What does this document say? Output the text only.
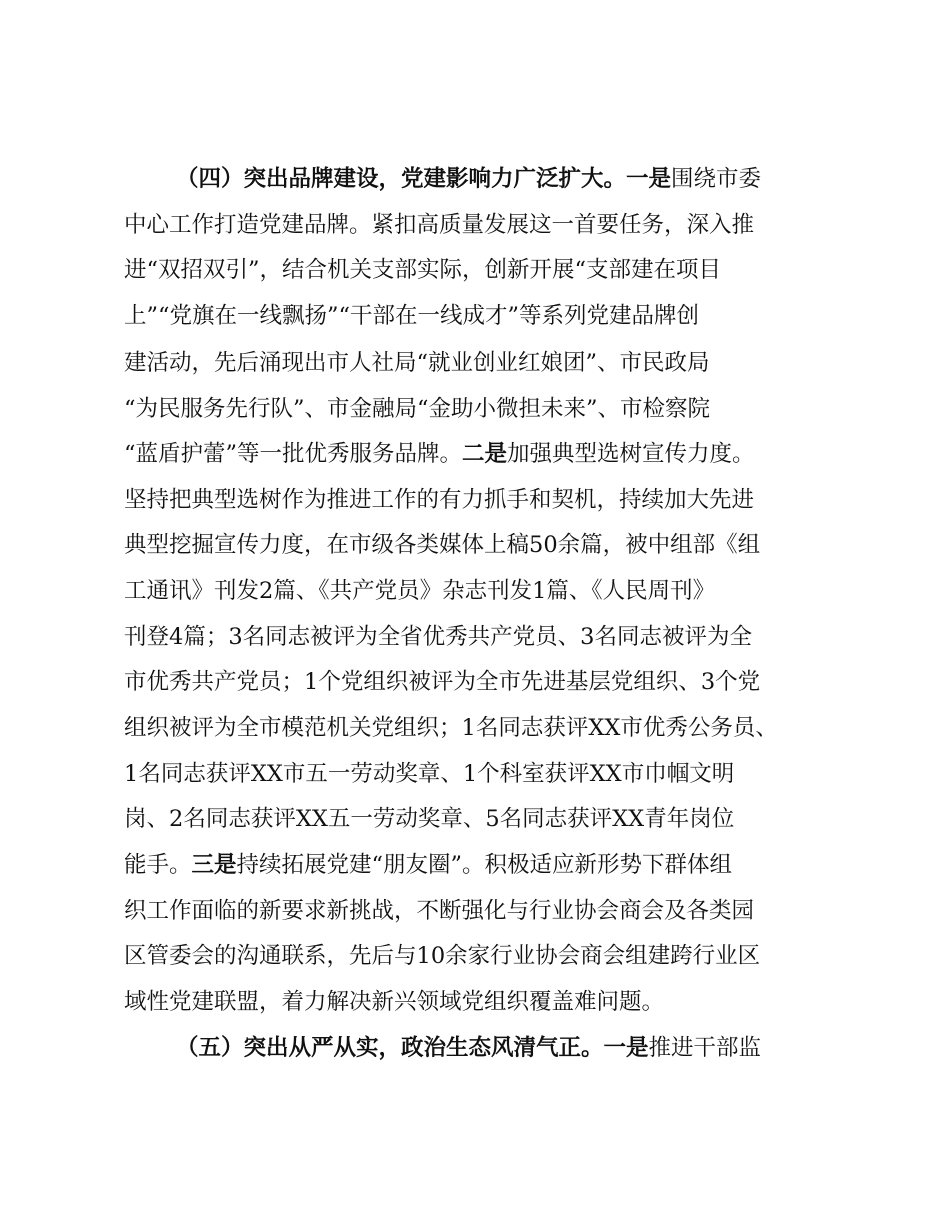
（四）突出品牌建设，党建影响力广泛扩大。一是围绕市委
中心工作打造党建品牌。紧扣高质量发展这一首要任务，深入推
进“双招双引”，结合机关支部实际，创新开展“支部建在项目
上”“党旗在一线飘扬”“干部在一线成才”等系列党建品牌创
建活动，先后涌现出市人社局“就业创业红娘团”、市民政局
“为民服务先行队”、市金融局“金助小微担未来”、市检察院
“蓝盾护蕾”等一批优秀服务品牌。二是加强典型选树宣传力度。
坚持把典型选树作为推进工作的有力抓手和契机，持续加大先进
典型挖掘宣传力度，在市级各类媒体上稿50余篇，被中组部《组
工通讯》刊发2篇、《共产党员》杂志刊发1篇、《人民周刊》
刊登4篇；3名同志被评为全省优秀共产党员、3名同志被评为全
市优秀共产党员；1个党组织被评为全市先进基层党组织、3个党
组织被评为全市模范机关党组织；1名同志获评XX市优秀公务员、
1名同志获评XX市五一劳动奖章、1个科室获评XX市巾帼文明
岗、2名同志获评XX五一劳动奖章、5名同志获评XX青年岗位
能手。三是持续拓展党建“朋友圈”。积极适应新形势下群体组
织工作面临的新要求新挑战，不断强化与行业协会商会及各类园
区管委会的沟通联系，先后与10余家行业协会商会组建跨行业区
域性党建联盟，着力解决新兴领域党组织覆盖难问题。
（五）突出从严从实，政治生态风清气正。一是推进干部监
